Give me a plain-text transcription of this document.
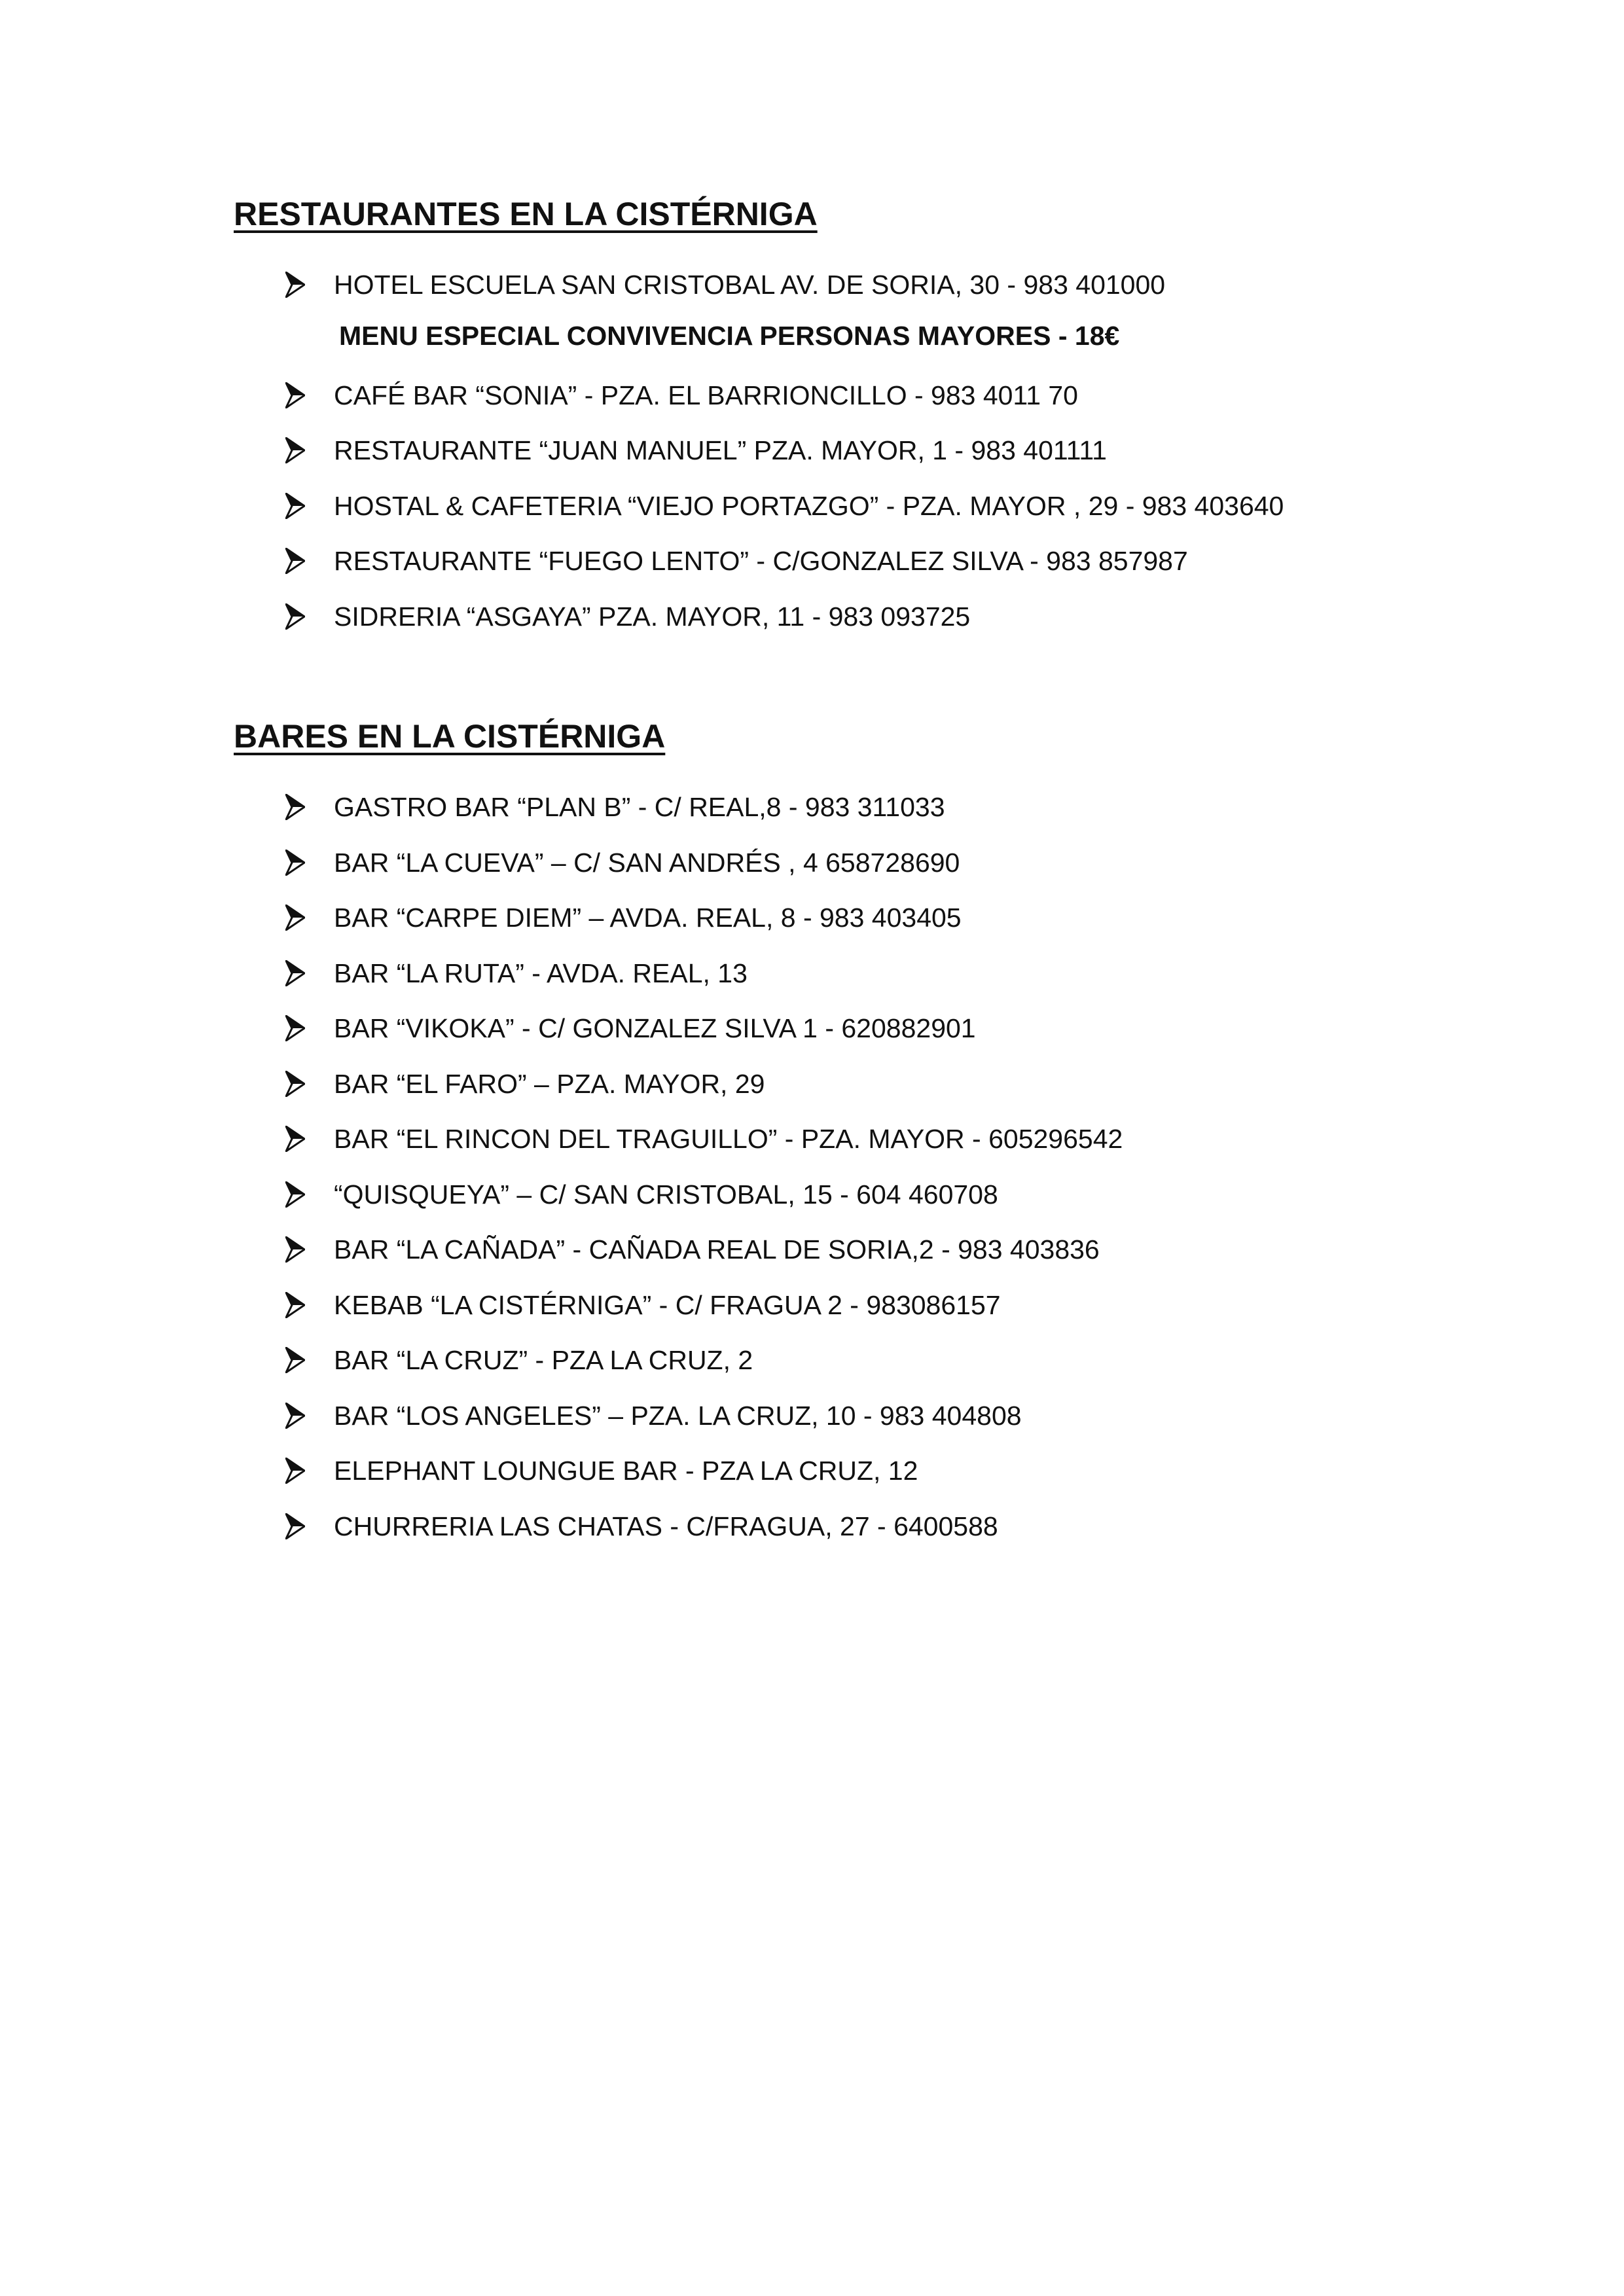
RESTAURANTES EN LA CISTÉRNIGA
HOTEL ESCUELA SAN CRISTOBAL AV. DE SORIA, 30 - 983 401000
MENU ESPECIAL CONVIVENCIA PERSONAS MAYORES - 18€
CAFÉ BAR “SONIA” - PZA. EL BARRIONCILLO - 983 4011 70
RESTAURANTE “JUAN MANUEL” PZA. MAYOR, 1 - 983 401111
HOSTAL & CAFETERIA “VIEJO PORTAZGO” - PZA. MAYOR , 29 - 983 403640
RESTAURANTE “FUEGO LENTO” - C/GONZALEZ SILVA - 983 857987
SIDRERIA “ASGAYA” PZA. MAYOR, 11 - 983 093725
BARES EN LA CISTÉRNIGA
GASTRO BAR “PLAN B” - C/ REAL,8 - 983 311033
BAR “LA CUEVA” – C/ SAN ANDRÉS , 4 658728690
BAR “CARPE DIEM” – AVDA. REAL, 8 - 983 403405
BAR “LA RUTA” - AVDA. REAL, 13
BAR “VIKOKA” - C/ GONZALEZ SILVA 1 - 620882901
BAR “EL FARO” – PZA. MAYOR, 29
BAR “EL RINCON DEL TRAGUILLO” - PZA. MAYOR - 605296542
“QUISQUEYA” – C/ SAN CRISTOBAL, 15 - 604 460708
BAR “LA CAÑADA” - CAÑADA REAL DE SORIA,2 - 983 403836
KEBAB “LA CISTÉRNIGA” - C/ FRAGUA 2 - 983086157
BAR “LA CRUZ” - PZA LA CRUZ, 2
BAR “LOS ANGELES” – PZA. LA CRUZ, 10 - 983 404808
ELEPHANT LOUNGUE BAR - PZA LA CRUZ, 12
CHURRERIA LAS CHATAS - C/FRAGUA, 27 - 6400588
